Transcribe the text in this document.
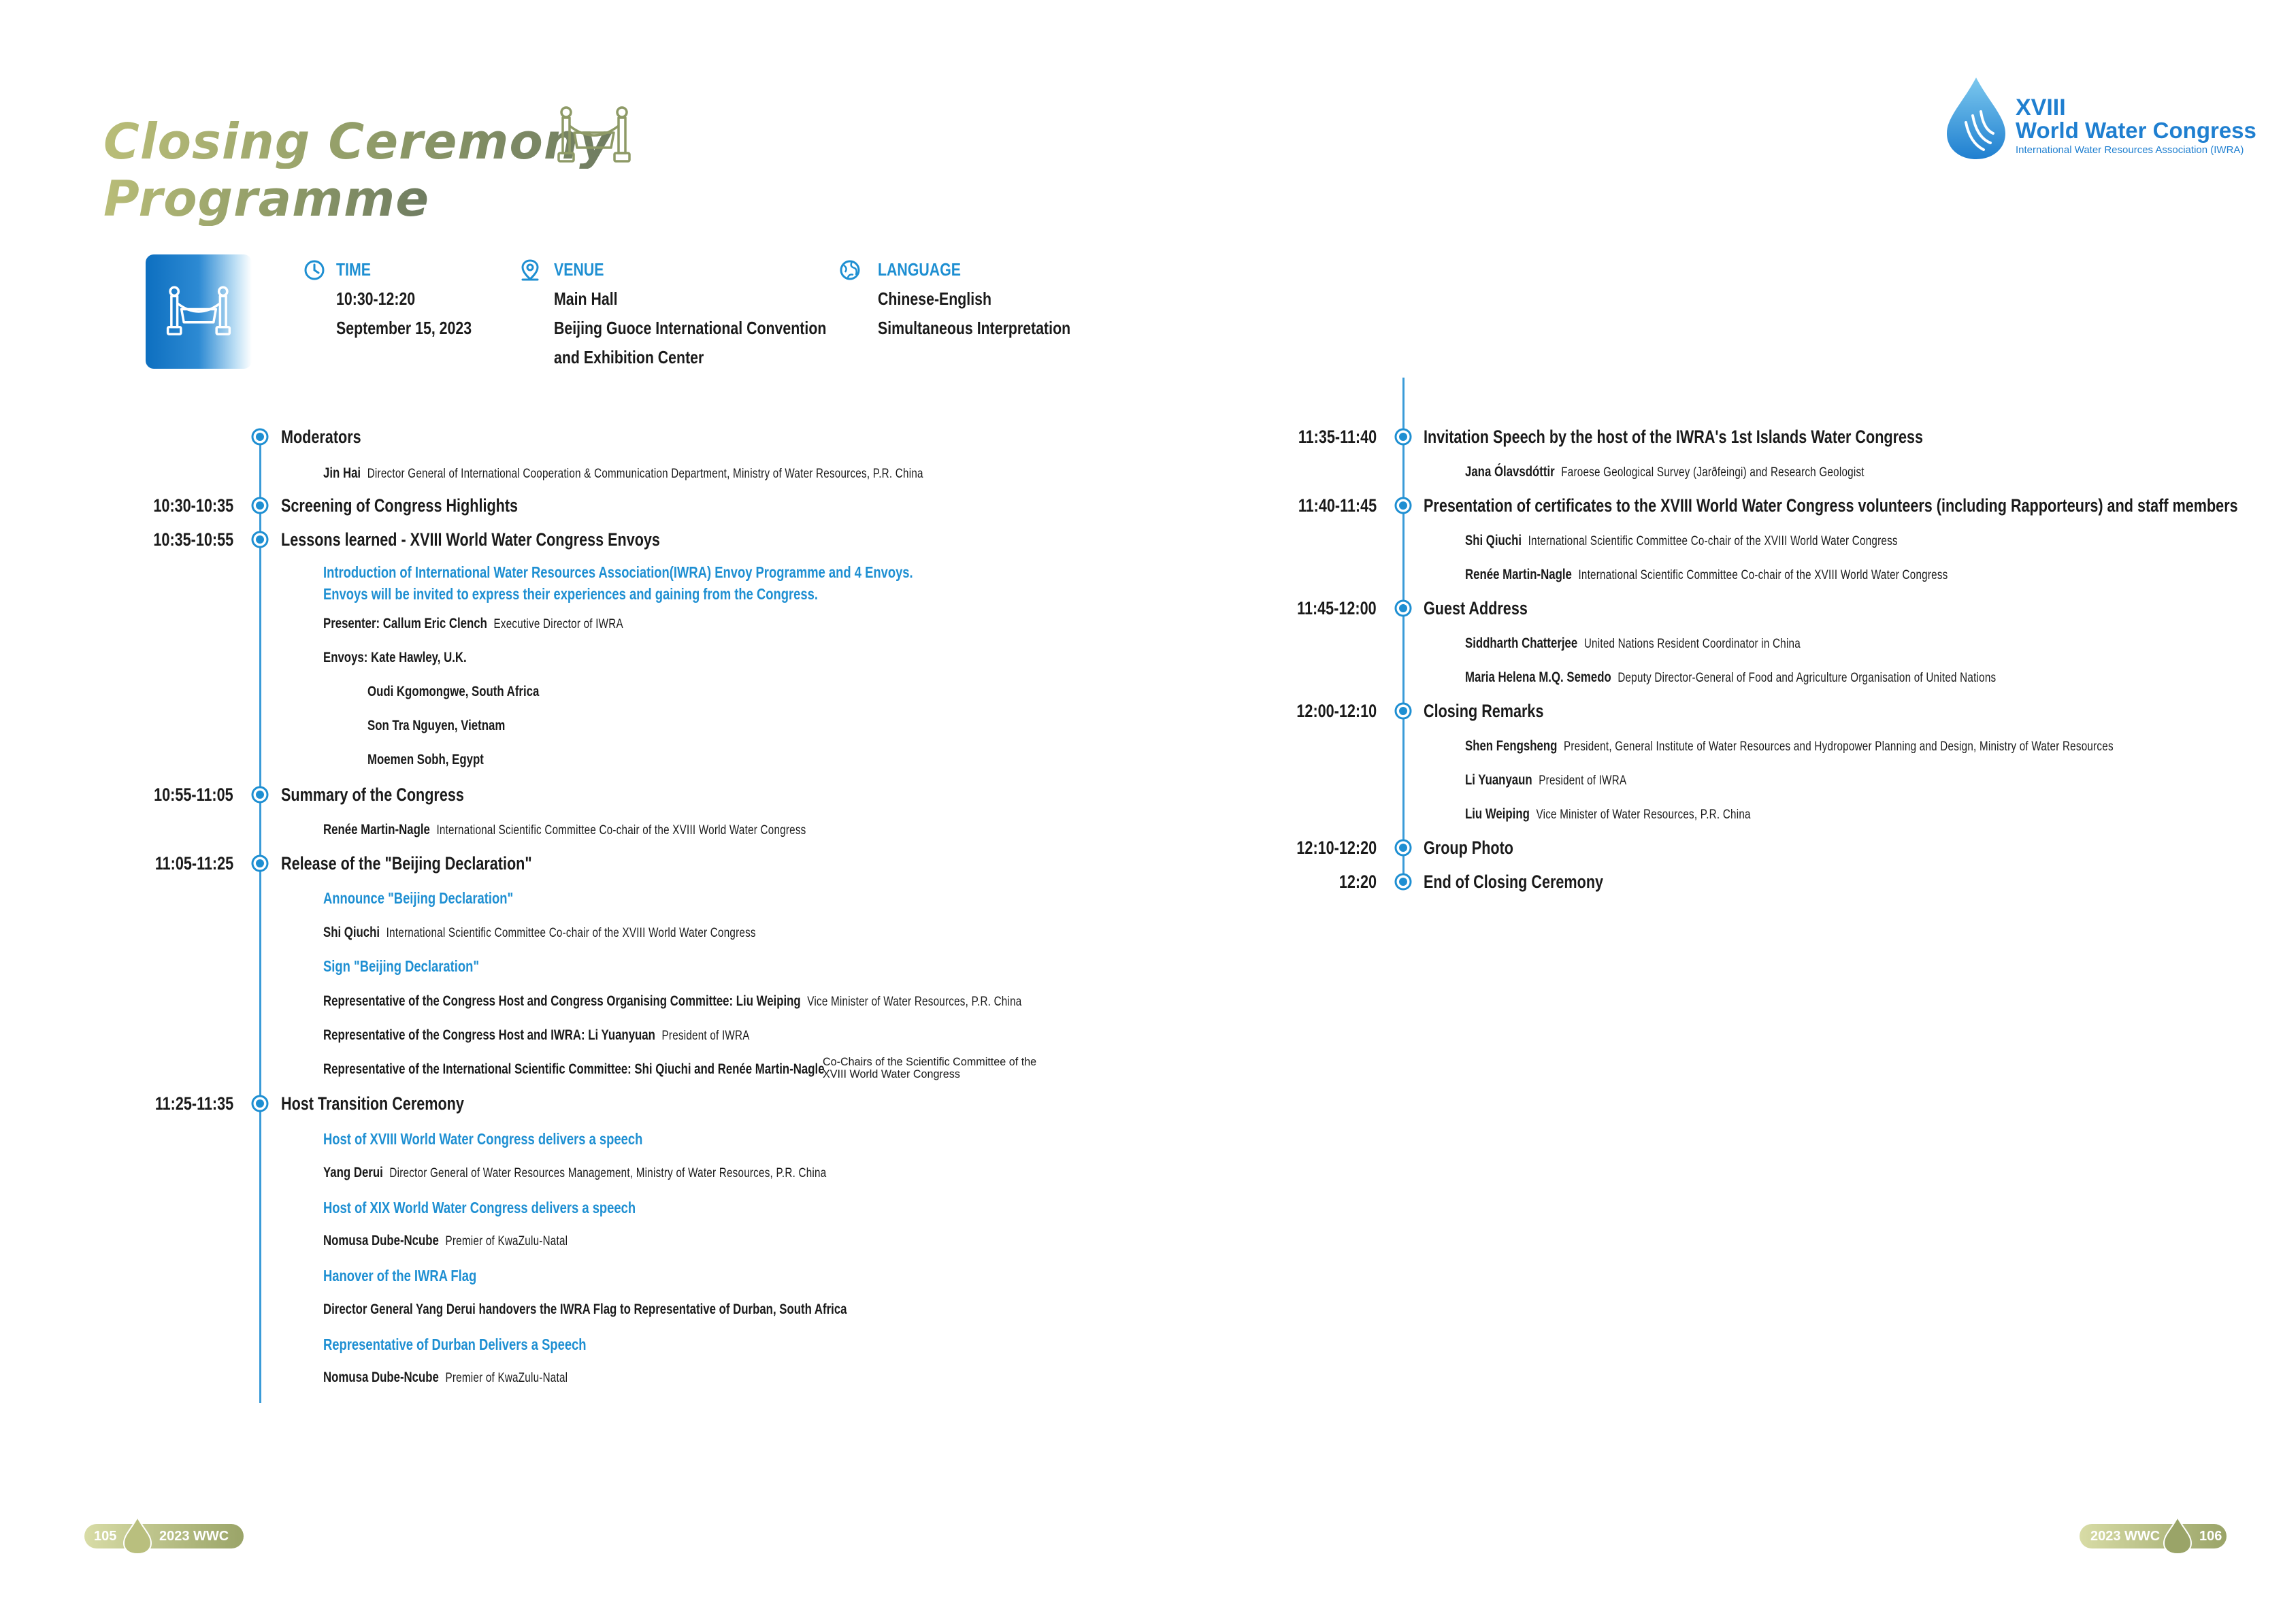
Closing Ceremony
Programme
XVIII
World Water Congress
International Water Resources Association (IWRA)
TIME
10:30-12:20
September 15, 2023
VENUE
Main Hall
Beijing Guoce International Convention
and Exhibition Center
LANGUAGE
Chinese-English
Simultaneous Interpretation
Moderators
Jin Hai Director General of International Cooperation & Communication Department, Ministry of Water Resources, P.R. China
10:30-10:35	Screening of Congress Highlights
10:35-10:55	Lessons learned - XVIII World Water Congress Envoys
Introduction of International Water Resources Association(IWRA) Envoy Programme and 4 Envoys.
Envoys will be invited to express their experiences and gaining from the Congress.
Presenter: Callum Eric Clench Executive Director of IWRA
Envoys: Kate Hawley, U.K.
Oudi Kgomongwe, South Africa
Son Tra Nguyen, Vietnam
Moemen Sobh, Egypt
10:55-11:05	Summary of the Congress
Renée Martin-Nagle International Scientific Committee Co-chair of the XVIII World Water Congress
11:05-11:25	Release of the "Beijing Declaration"
Announce "Beijing Declaration"
Shi Qiuchi International Scientific Committee Co-chair of the XVIII World Water Congress
Sign "Beijing Declaration"
Representative of the Congress Host and Congress Organising Committee: Liu Weiping Vice Minister of Water Resources, P.R. China
Representative of the Congress Host and IWRA: Li Yuanyuan President of IWRA
Representative of the International Scientific Committee: Shi Qiuchi and Renée Martin-Nagle
Co-Chairs of the Scientific Committee of the
XVIII World Water Congress
11:25-11:35	Host Transition Ceremony
Host of XVIII World Water Congress delivers a speech
Yang Derui Director General of Water Resources Management, Ministry of Water Resources, P.R. China
Host of XIX World Water Congress delivers a speech
Nomusa Dube-Ncube Premier of KwaZulu-Natal
Hanover of the IWRA Flag
Director General Yang Derui handovers the IWRA Flag to Representative of Durban, South Africa
Representative of Durban Delivers a Speech
Nomusa Dube-Ncube Premier of KwaZulu-Natal
11:35-11:40	Invitation Speech by the host of the IWRA's 1st Islands Water Congress
Jana Ólavsdóttir Faroese Geological Survey (Jarðfeingi) and Research Geologist
11:40-11:45	Presentation of certificates to the XVIII World Water Congress volunteers (including Rapporteurs) and staff members
Shi Qiuchi International Scientific Committee Co-chair of the XVIII World Water Congress
Renée Martin-Nagle International Scientific Committee Co-chair of the XVIII World Water Congress
11:45-12:00	Guest Address
Siddharth Chatterjee United Nations Resident Coordinator in China
Maria Helena M.Q. Semedo Deputy Director-General of Food and Agriculture Organisation of United Nations
12:00-12:10	Closing Remarks
Shen Fengsheng President, General Institute of Water Resources and Hydropower Planning and Design, Ministry of Water Resources
Li Yuanyaun President of IWRA
Liu Weiping Vice Minister of Water Resources, P.R. China
12:10-12:20	Group Photo
12:20	End of Closing Ceremony
105	2023 WWC	2023 WWC	106
